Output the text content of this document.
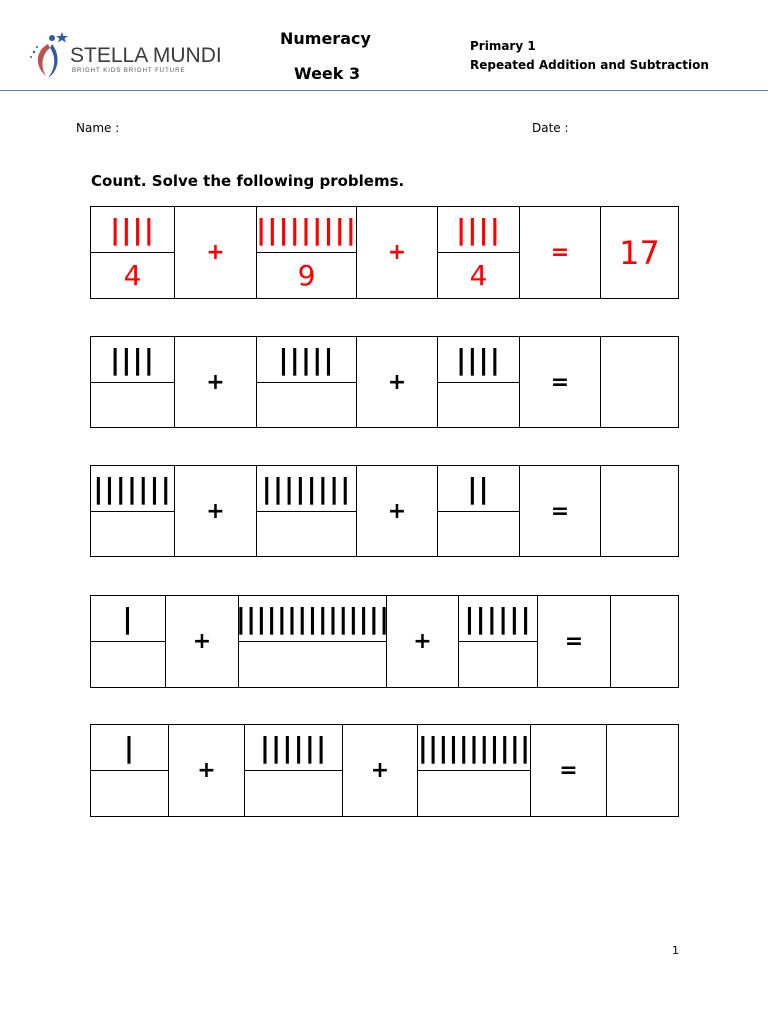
STELLA MUNDI
BRIGHT KIDS BRIGHT FUTURE
Numeracy
Week 3
Primary 1
Repeated Addition and Subtraction
Name :	Date :
Count. Solve the following problems.
||||
4
+
|||||||||
9
+
||||
4
=	17
||||
+
|||||
+
||||
=
|||||||
+
||||||||
+
||
=
|
+
|||||||||||||||
+
||||||
=
|
+
||||||
+
|||||||||||
=
1
